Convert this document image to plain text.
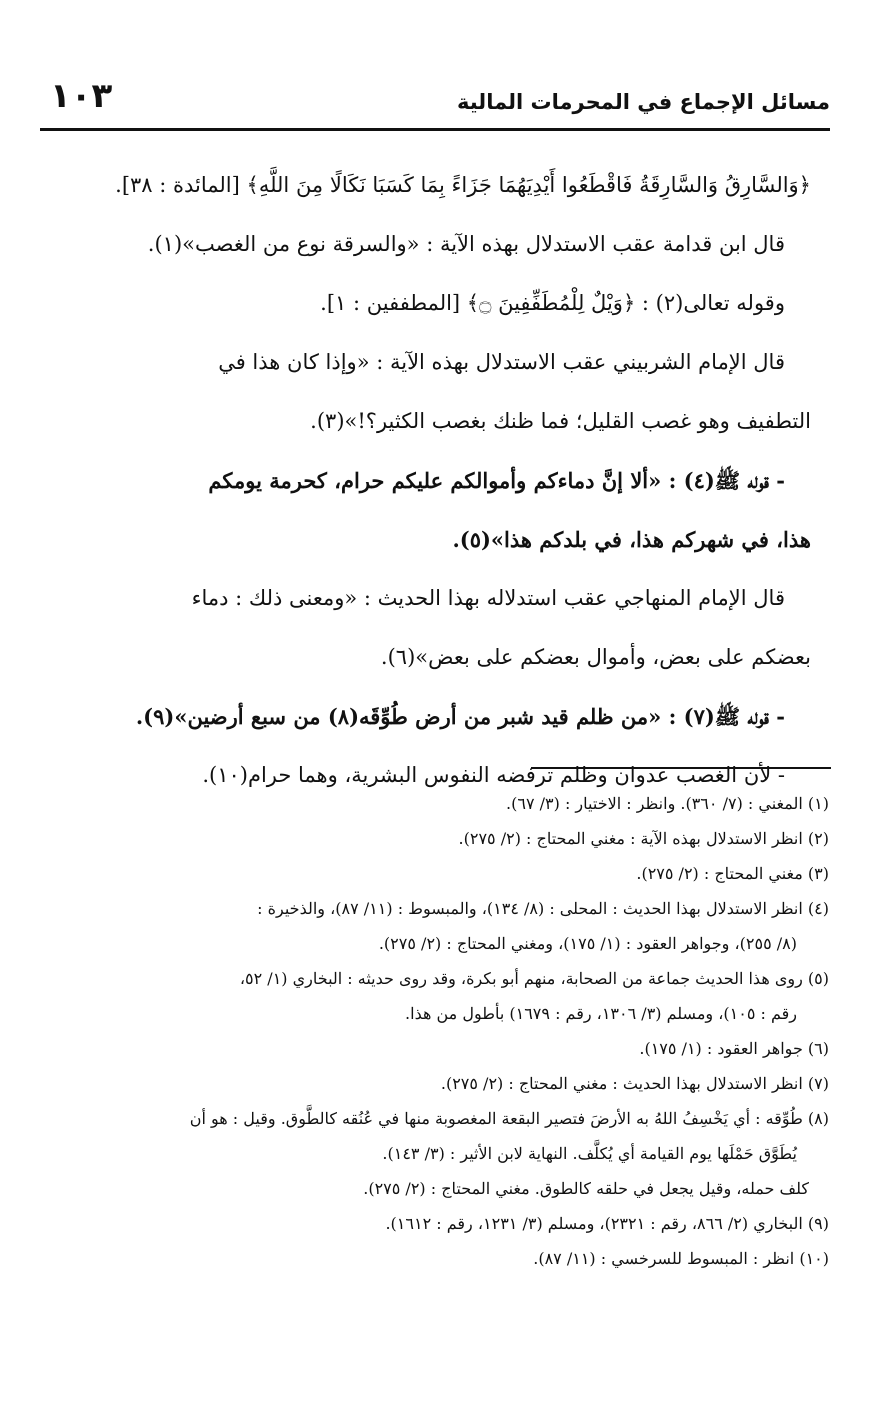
مسائل الإجماع في المحرمات المالية
١٠٣
﴿وَالسَّارِقُ وَالسَّارِقَةُ فَاقْطَعُوا أَيْدِيَهُمَا جَزَاءً بِمَا كَسَبَا نَكَالًا مِنَ اللَّهِ﴾ [المائدة : ٣٨].
قال ابن قدامة عقب الاستدلال بهذه الآية : «والسرقة نوع من الغصب»(١).
وقوله تعالى(٢) : ﴿وَيْلٌ لِلْمُطَفِّفِينَ ۝﴾ [المطففين : ١].
قال الإمام الشربيني عقب الاستدلال بهذه الآية : «وإذا كان هذا في
التطفيف وهو غصب القليل؛ فما ظنك بغصب الكثير؟!»(٣).
- قوله ﷺ(٤) : «ألا إنَّ دماءكم وأموالكم عليكم حرام، كحرمة يومكم
هذا، في شهركم هذا، في بلدكم هذا»(٥).
قال الإمام المنهاجي عقب استدلاله بهذا الحديث : «ومعنى ذلك : دماء
بعضكم على بعض، وأموال بعضكم على بعض»(٦).
- قوله ﷺ(٧) : «من ظلم قيد شبر من أرض طُوِّقَه(٨) من سبع أرضين»(٩).
- لأن الغصب عدوان وظلم ترفضه النفوس البشرية، وهما حرام(١٠).
(١) المغني : (٧/ ٣٦٠). وانظر : الاختيار : (٣/ ٦٧).
(٢) انظر الاستدلال بهذه الآية : مغني المحتاج : (٢/ ٢٧٥).
(٣) مغني المحتاج : (٢/ ٢٧٥).
(٤) انظر الاستدلال بهذا الحديث : المحلى : (٨/ ١٣٤)، والمبسوط : (١١/ ٨٧)، والذخيرة :
(٨/ ٢٥٥)، وجواهر العقود : (١/ ١٧٥)، ومغني المحتاج : (٢/ ٢٧٥).
(٥) روى هذا الحديث جماعة من الصحابة، منهم أبو بكرة، وقد روى حديثه : البخاري (١/ ٥٢،
رقم : ١٠٥)، ومسلم (٣/ ١٣٠٦، رقم : ١٦٧٩) بأطول من هذا.
(٦) جواهر العقود : (١/ ١٧٥).
(٧) انظر الاستدلال بهذا الحديث : مغني المحتاج : (٢/ ٢٧٥).
(٨) طُوِّقه : أي يَخْسِفُ اللهُ به الأرضَ فتصير البقعة المغصوبة منها في عُنُقه كالطَّوق. وقيل : هو أن
يُطَوَّق حَمْلَها يوم القيامة أي يُكلَّف. النهاية لابن الأثير : (٣/ ١٤٣).
كلف حمله، وقيل يجعل في حلقه كالطوق. مغني المحتاج : (٢/ ٢٧٥).
(٩) البخاري (٢/ ٨٦٦، رقم : ٢٣٢١)، ومسلم (٣/ ١٢٣١، رقم : ١٦١٢).
(١٠) انظر : المبسوط للسرخسي : (١١/ ٨٧).
